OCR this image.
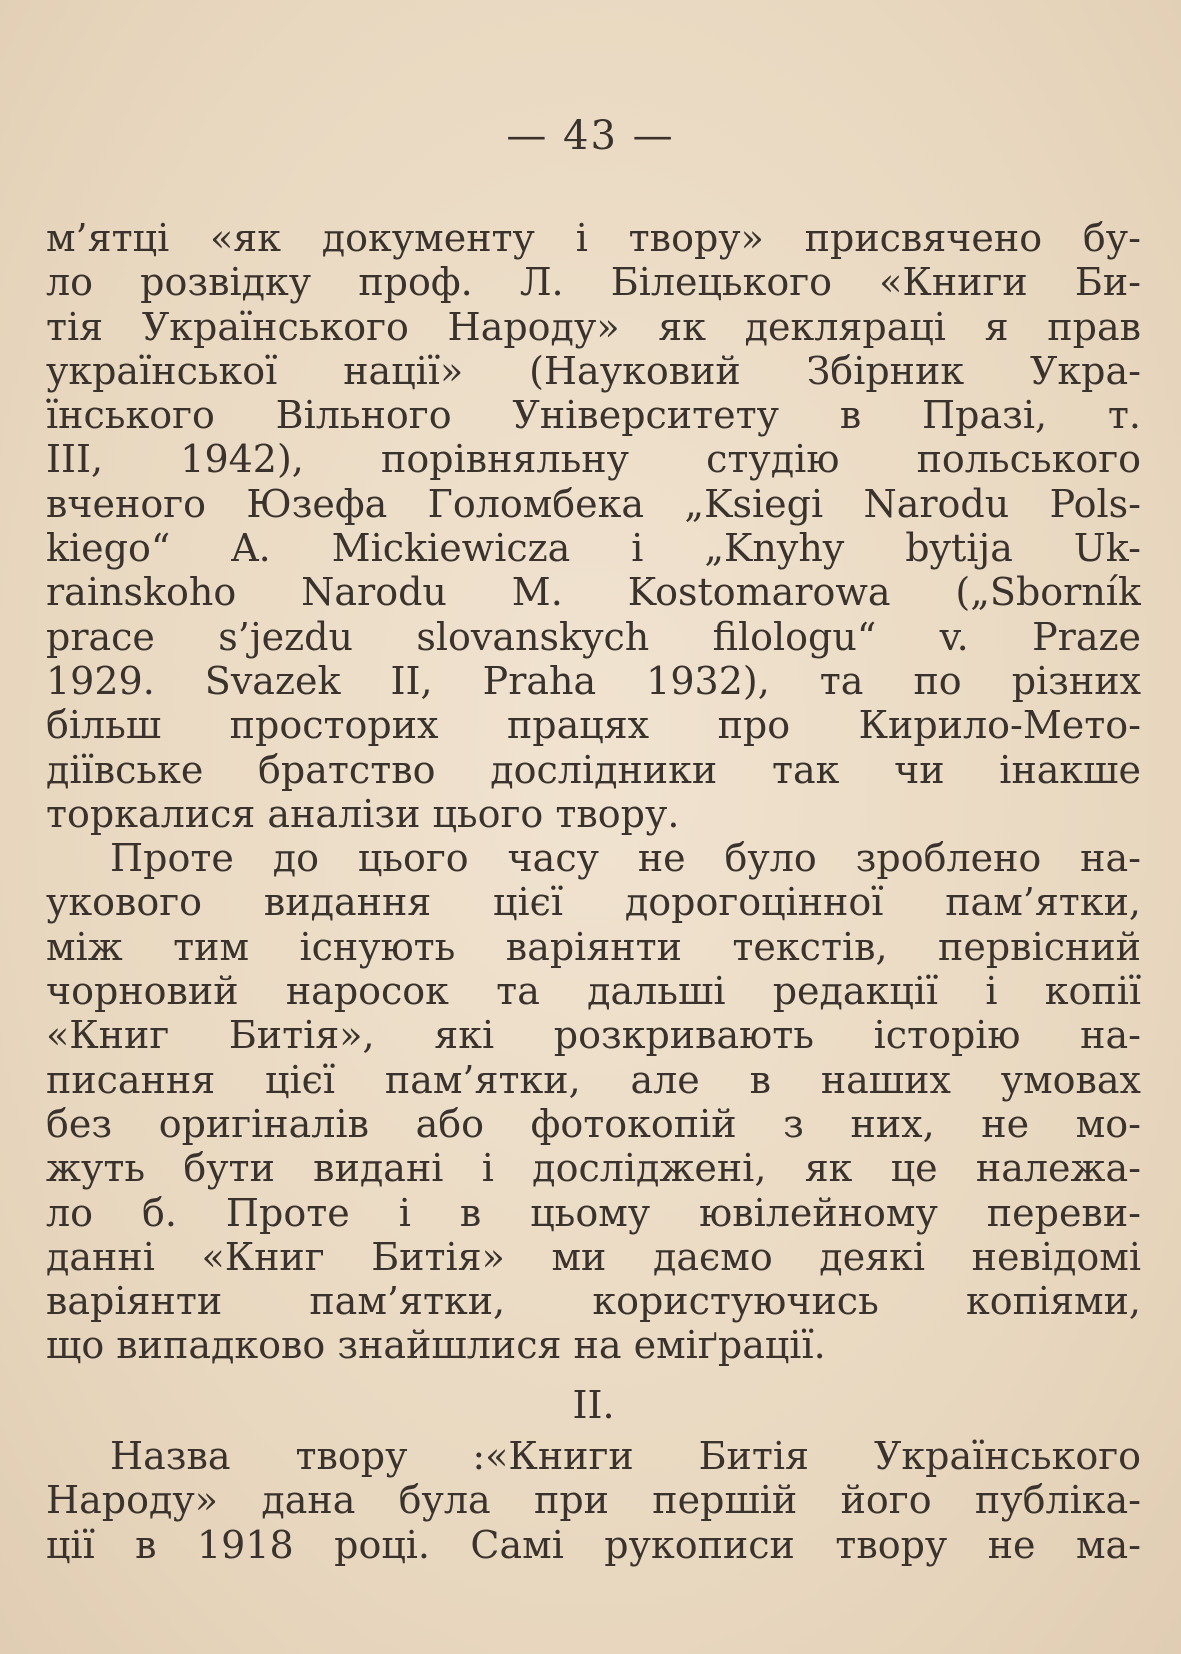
— 43 —
м’ятці «як документу і твору» присвячено бу-
ло розвідку проф. Л. Білецького «Книги Би-
тія Українського Народу» як декляраці я прав
української нації» (Науковий Збірник Укра-
їнського Вільного Університету в Празі, т.
ІІІ, 1942), порівняльну студію польського
вченого Юзефа Голомбека „Ksiegi Narodu Pols-
kiego“ A. Mickiewicza і „Knyhy bytija Uk-
rainskoho Narodu M. Kostomarowa („Sborník
prace s’jezdu slovanskych filologu“ v. Praze
1929. Svazek II, Praha 1932), та по різних
більш просторих працях про Кирило-Мето-
діївське братство дослідники так чи інакше
торкалися аналізи цього твору.
Проте до цього часу не було зроблено на-
укового видання цієї дорогоцінної пам’ятки,
між тим існують варіянти текстів, первісний
чорновий наросок та дальші редакції і копії
«Книг Битія», які розкривають історію на-
писання цієї пам’ятки, але в наших умовах
без оригіналів або фотокопій з них, не мо-
жуть бути видані і досліджені, як це належа-
ло б. Проте і в цьому ювілейному переви-
данні «Книг Битія» ми даємо деякі невідомі
варіянти пам’ятки, користуючись копіями,
що випадково знайшлися на еміґрації.
II.
Назва твору :«Книги Битія Українського
Народу» дана була при першій його публіка-
ції в 1918 році. Самі рукописи твору не ма-
